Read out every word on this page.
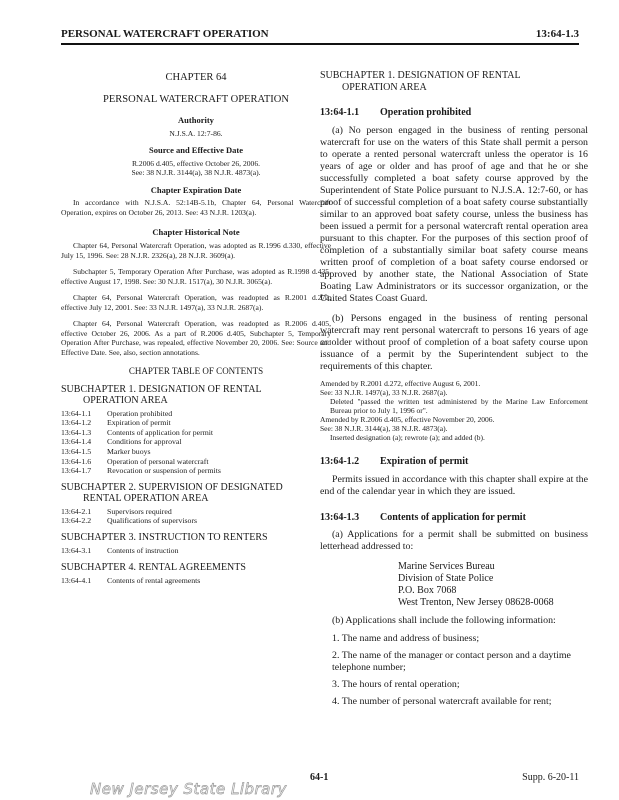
PERSONAL WATERCRAFT OPERATION	13:64-1.3
CHAPTER 64
PERSONAL WATERCRAFT OPERATION
Authority
N.J.S.A. 12:7-86.
Source and Effective Date
R.2006 d.405, effective October 26, 2006.
See: 38 N.J.R. 3144(a), 38 N.J.R. 4873(a).
Chapter Expiration Date
In accordance with N.J.S.A. 52:14B-5.1b, Chapter 64, Personal Watercraft Operation, expires on October 26, 2013. See: 43 N.J.R. 1203(a).
Chapter Historical Note
Chapter 64, Personal Watercraft Operation, was adopted as R.1996 d.330, effective July 15, 1996. See: 28 N.J.R. 2326(a), 28 N.J.R. 3609(a).
Subchapter 5, Temporary Operation After Purchase, was adopted as R.1998 d.435, effective August 17, 1998. See: 30 N.J.R. 1517(a), 30 N.J.R. 3065(a).
Chapter 64, Personal Watercraft Operation, was readopted as R.2001 d.272, effective July 12, 2001. See: 33 N.J.R. 1497(a), 33 N.J.R. 2687(a).
Chapter 64, Personal Watercraft Operation, was readopted as R.2006 d.405, effective October 26, 2006. As a part of R.2006 d.405, Subchapter 5, Temporary Operation After Purchase, was repealed, effective November 20, 2006. See: Source and Effective Date. See, also, section annotations.
CHAPTER TABLE OF CONTENTS
SUBCHAPTER 1. DESIGNATION OF RENTAL
OPERATION AREA
13:64-1.1	Operation prohibited
13:64-1.2	Expiration of permit
13:64-1.3	Contents of application for permit
13:64-1.4	Conditions for approval
13:64-1.5	Marker buoys
13:64-1.6	Operation of personal watercraft
13:64-1.7	Revocation or suspension of permits
SUBCHAPTER 2. SUPERVISION OF DESIGNATED
RENTAL OPERATION AREA
13:64-2.1	Supervisors required
13:64-2.2	Qualifications of supervisors
SUBCHAPTER 3. INSTRUCTION TO RENTERS
13:64-3.1	Contents of instruction
SUBCHAPTER 4. RENTAL AGREEMENTS
13:64-4.1	Contents of rental agreements
SUBCHAPTER 1. DESIGNATION OF RENTAL
OPERATION AREA
13:64-1.1 Operation prohibited

(a) No person engaged in the business of renting personal watercraft for use on the waters of this State shall permit a person to operate a rented personal watercraft unless the operator is 16 years of age or older and has proof of age and that he or she successfully completed a boat safety course approved by the Superintendent of State Police pursuant to N.J.S.A. 12:7-60, or has proof of successful completion of a boat safety course substantially similar to an approved boat safety course, unless the business has been issued a permit for a personal watercraft rental operation area pursuant to this chapter. For the purposes of this section proof of completion of a substantially similar boat safety course means written proof of completion of a boat safety course endorsed or approved by another state, the National Association of State Boating Law Administrators or its successor organization, or the United States Coast Guard.

(b) Persons engaged in the business of renting personal watercraft may rent personal watercraft to persons 16 years of age or older without proof of completion of a boat safety course upon issuance of a permit by the Superintendent subject to the requirements of this chapter.

Amended by R.2001 d.272, effective August 6, 2001.
See: 33 N.J.R. 1497(a), 33 N.J.R. 2687(a).
Deleted "passed the written test administered by the Marine Law Enforcement Bureau prior to July 1, 1996 or".
Amended by R.2006 d.405, effective November 20, 2006.
See: 38 N.J.R. 3144(a), 38 N.J.R. 4873(a).
Inserted designation (a); rewrote (a); and added (b).
13:64-1.2 Expiration of permit

Permits issued in accordance with this chapter shall expire at the end of the calendar year in which they are issued.

13:64-1.3 Contents of application for permit

(a) Applications for a permit shall be submitted on business letterhead addressed to:

Marine Services Bureau
Division of State Police
P.O. Box 7068
West Trenton, New Jersey 08628-0068

(b) Applications shall include the following information:

1. The name and address of business;

2. The name of the manager or contact person and a daytime telephone number;

3. The hours of rental operation;

4. The number of personal watercraft available for rent;

64-1	Supp. 6-20-11
New Jersey State Library
